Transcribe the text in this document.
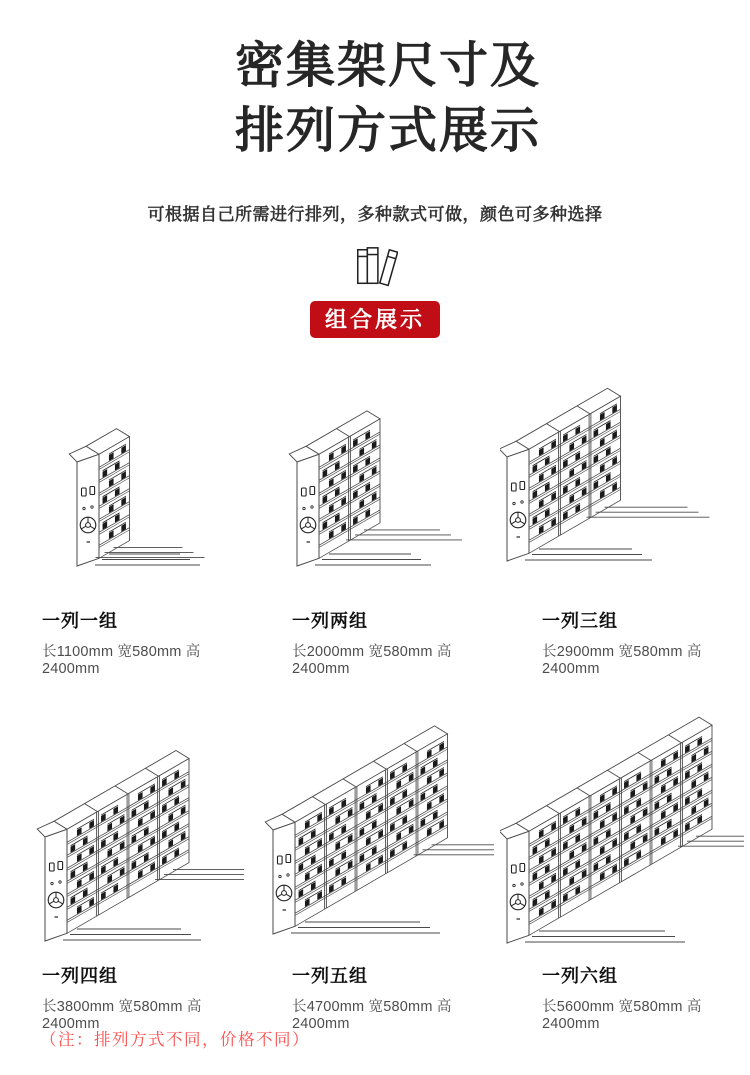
密集架尺寸及
排列方式展示

可根据自己所需进行排列，多种款式可做，颜色可多种选择

组合展示
一列一组

长1100mm 宽580mm 高2400mm

一列两组

长2000mm 宽580mm 高2400mm

一列三组

长2900mm 宽580mm 高2400mm

一列四组

长3800mm 宽580mm 高2400mm

一列五组

长4700mm 宽580mm 高2400mm

一列六组

长5600mm 宽580mm 高2400mm

（注：排列方式不同，价格不同）
